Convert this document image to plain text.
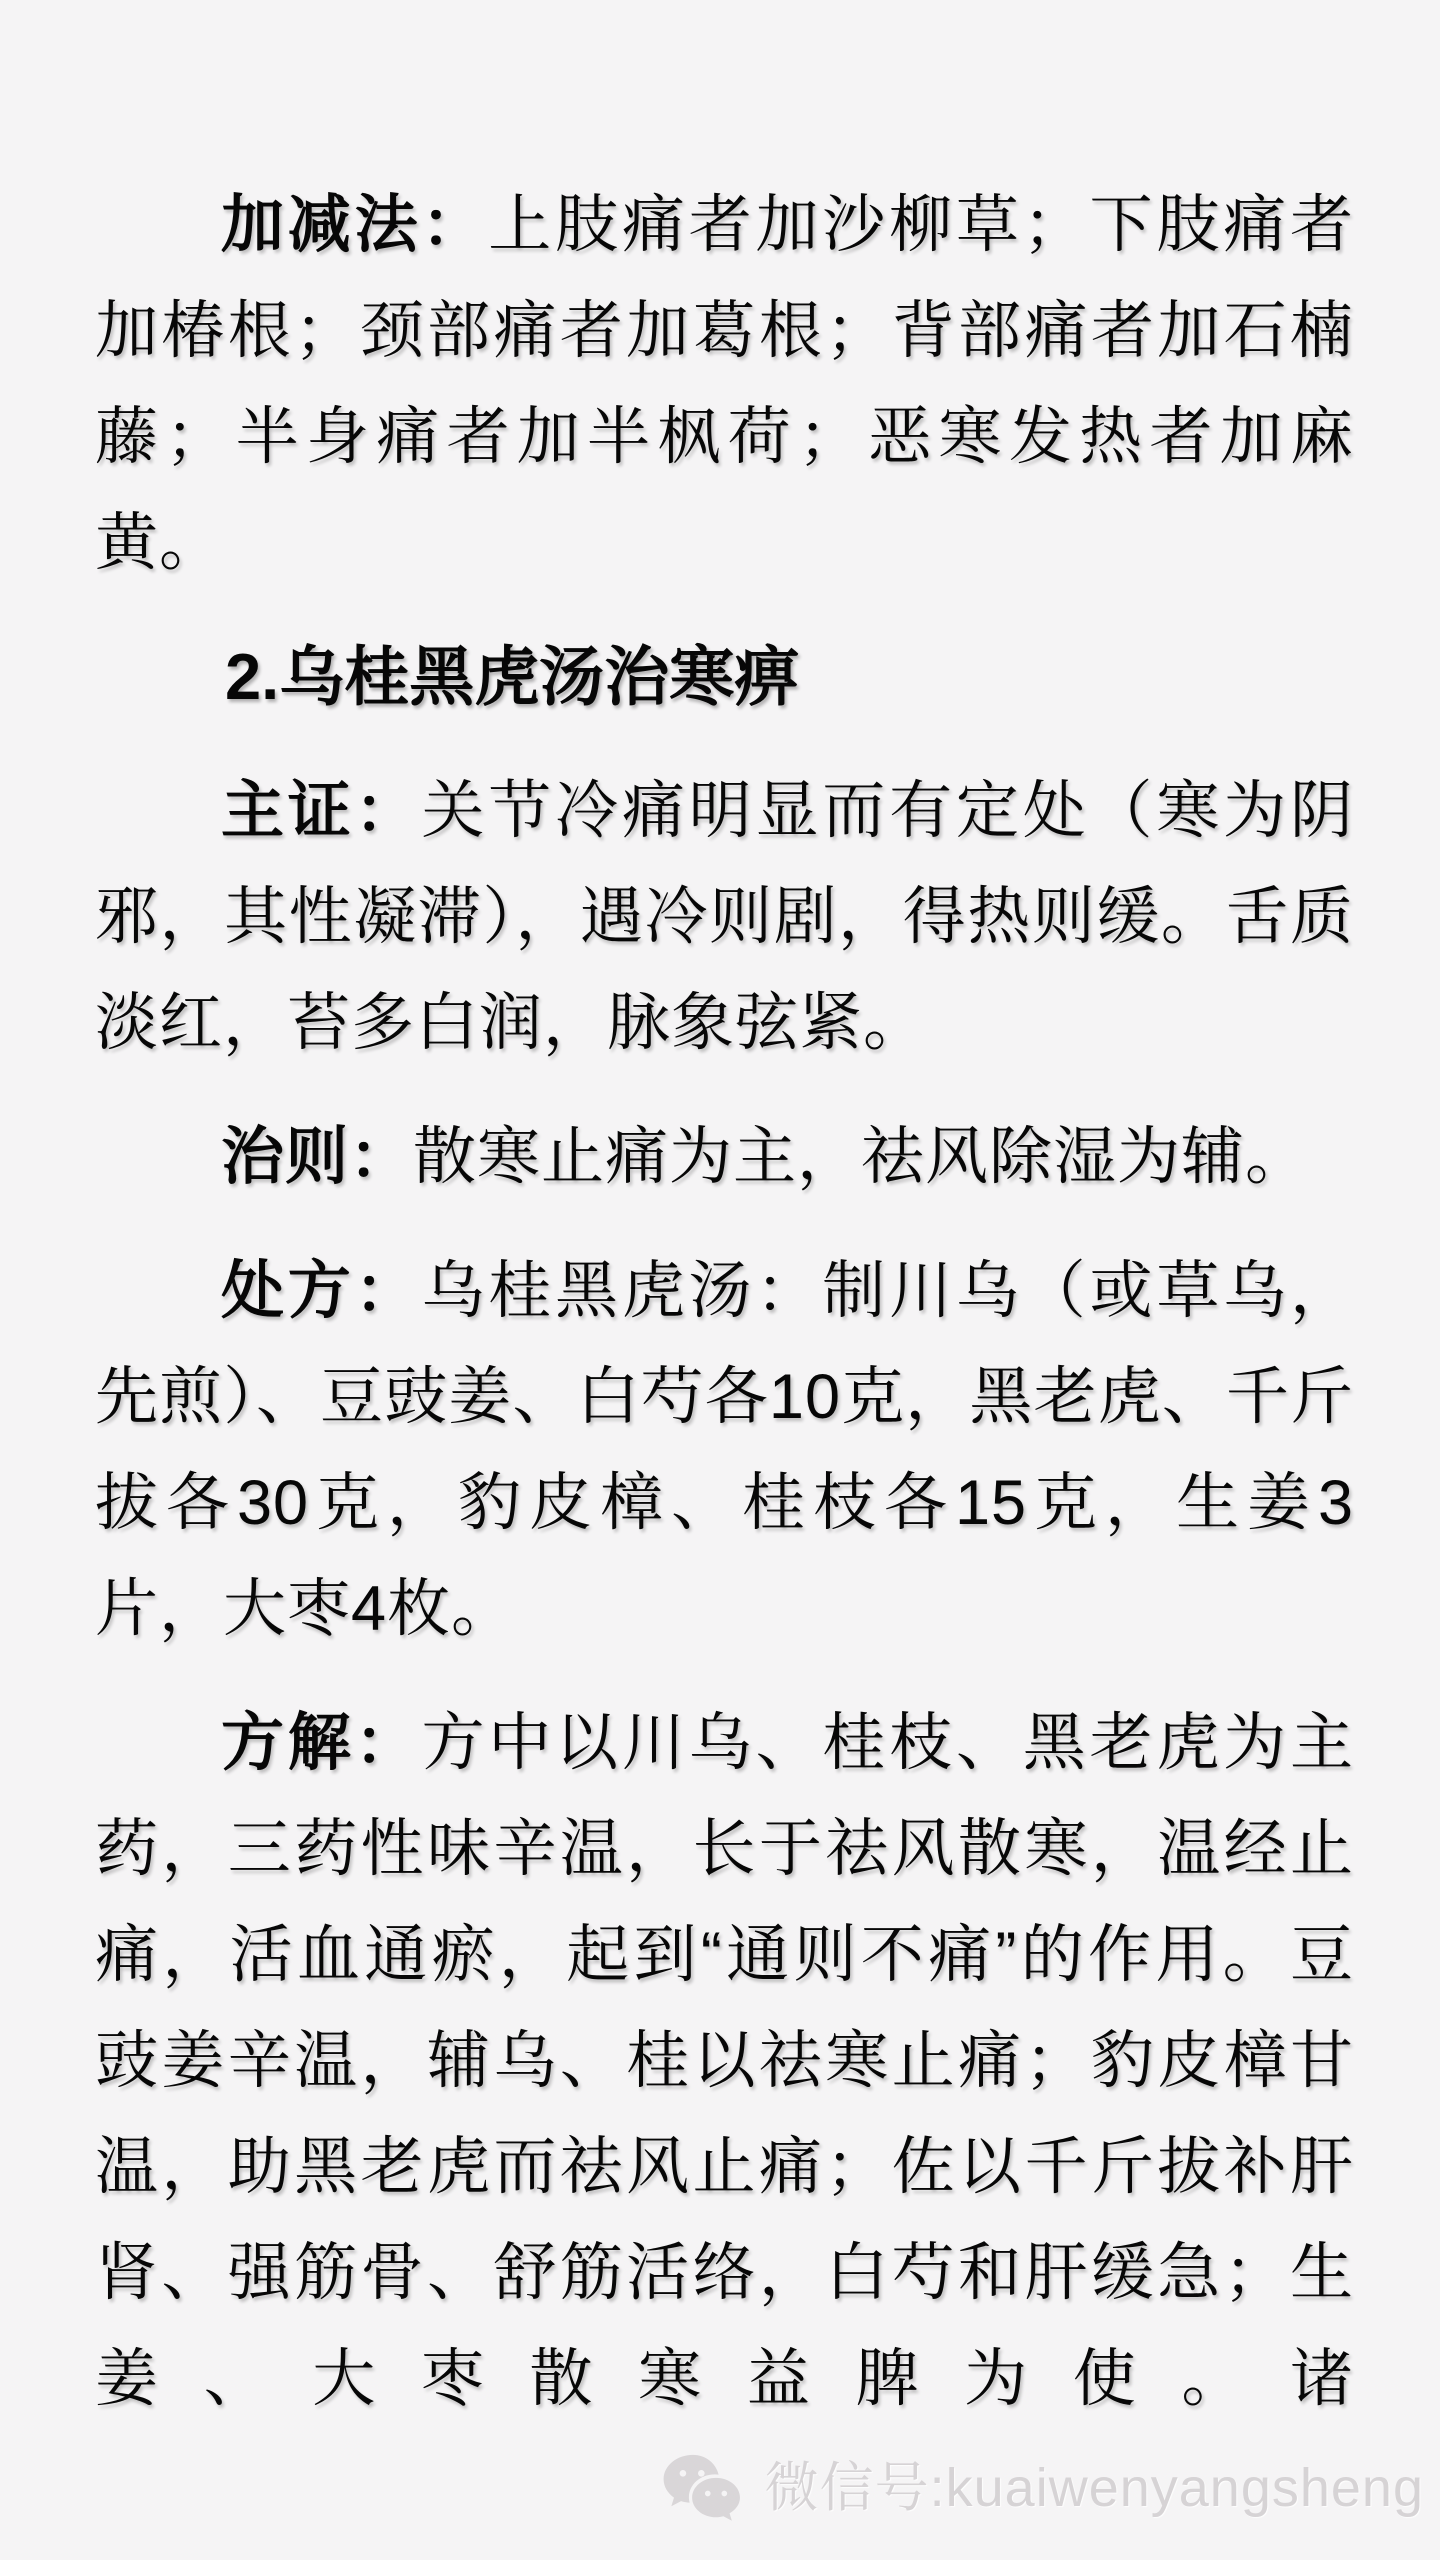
加减法：上肢痛者加沙柳草；下肢痛者加椿根；颈部痛者加葛根；背部痛者加石楠藤；半身痛者加半枫荷；恶寒发热者加麻黄。

2.乌桂黑虎汤治寒痹

主证：关节冷痛明显而有定处（寒为阴邪，其性凝滞），遇冷则剧，得热则缓。舌质淡红，苔多白润，脉象弦紧。

治则：散寒止痛为主，祛风除湿为辅。

处方：乌桂黑虎汤：制川乌（或草乌，先煎）、豆豉姜、白芍各10克，黑老虎、千斤拔各30克，豹皮樟、桂枝各15克，生姜3片，大枣4枚。

方解：方中以川乌、桂枝、黑老虎为主药，三药性味辛温，长于祛风散寒，温经止痛，活血通瘀，起到“通则不痛”的作用。豆豉姜辛温，辅乌、桂以祛寒止痛；豹皮樟甘温，助黑老虎而祛风止痛；佐以千斤拔补肝肾、强筋骨、舒筋活络，白芍和肝缓急；生姜、大枣散寒益脾为使。诸

微信号:kuaiwenyangsheng
